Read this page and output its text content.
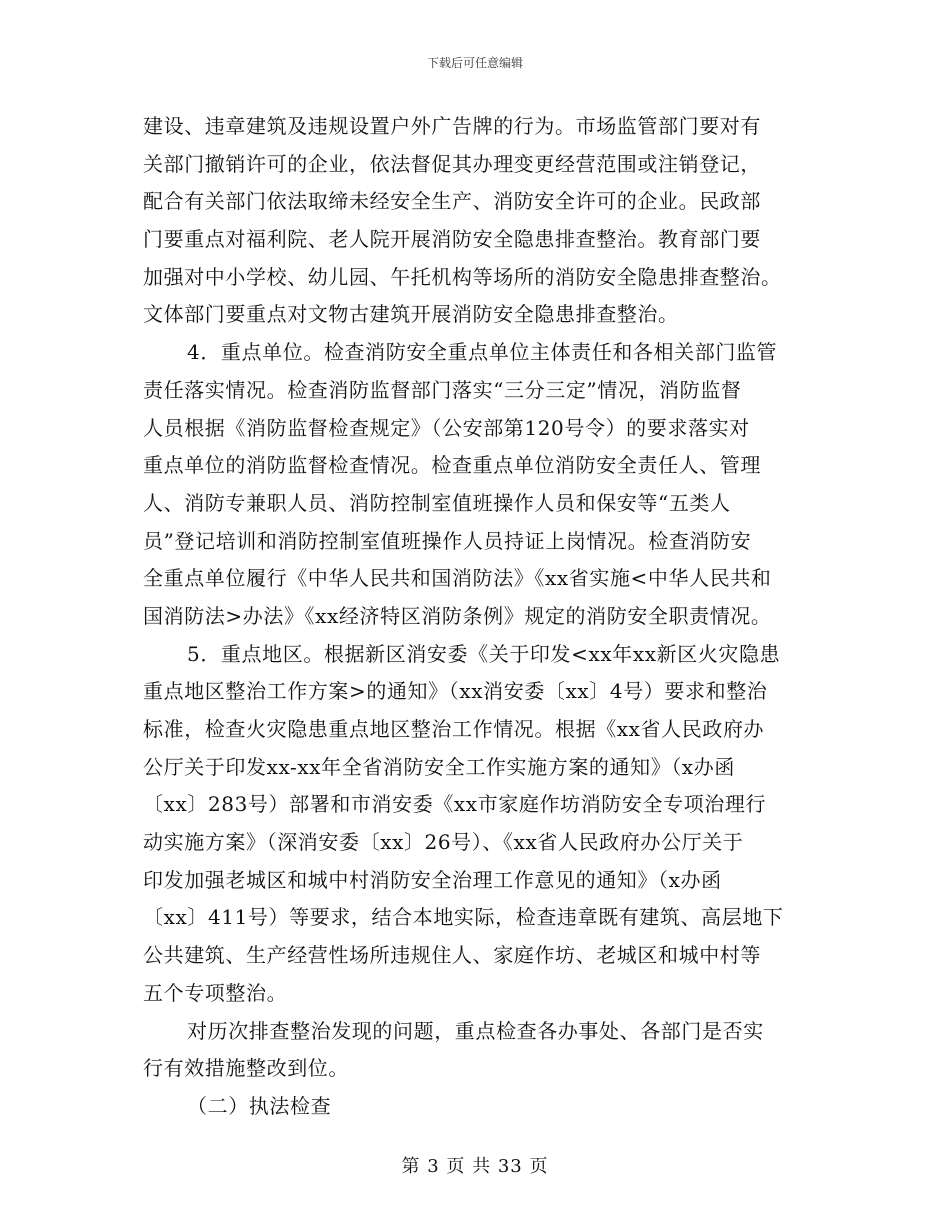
下载后可任意编辑
建设、违章建筑及违规设置户外广告牌的行为。市场监管部门要对有
关部门撤销许可的企业，依法督促其办理变更经营范围或注销登记，
配合有关部门依法取缔未经安全生产、消防安全许可的企业。民政部
门要重点对福利院、老人院开展消防安全隐患排查整治。教育部门要
加强对中小学校、幼儿园、午托机构等场所的消防安全隐患排查整治。
文体部门要重点对文物古建筑开展消防安全隐患排查整治。
4．重点单位。检查消防安全重点单位主体责任和各相关部门监管
责任落实情况。检查消防监督部门落实“三分三定”情况，消防监督
人员根据《消防监督检查规定》（公安部第120号令）的要求落实对
重点单位的消防监督检查情况。检查重点单位消防安全责任人、管理
人、消防专兼职人员、消防控制室值班操作人员和保安等“五类人
员”登记培训和消防控制室值班操作人员持证上岗情况。检查消防安
全重点单位履行《中华人民共和国消防法》《xx省实施<中华人民共和
国消防法>办法》《xx经济特区消防条例》规定的消防安全职责情况。
5．重点地区。根据新区消安委《关于印发<xx年xx新区火灾隐患
重点地区整治工作方案>的通知》（xx消安委〔xx〕4号）要求和整治
标准，检查火灾隐患重点地区整治工作情况。根据《xx省人民政府办
公厅关于印发xx-xx年全省消防安全工作实施方案的通知》（x办函
〔xx〕283号）部署和市消安委《xx市家庭作坊消防安全专项治理行
动实施方案》（深消安委〔xx〕26号）、《xx省人民政府办公厅关于
印发加强老城区和城中村消防安全治理工作意见的通知》（x办函
〔xx〕411号）等要求，结合本地实际，检查违章既有建筑、高层地下
公共建筑、生产经营性场所违规住人、家庭作坊、老城区和城中村等
五个专项整治。
对历次排查整治发现的问题，重点检查各办事处、各部门是否实
行有效措施整改到位。
（二）执法检查
第 3 页 共 33 页
